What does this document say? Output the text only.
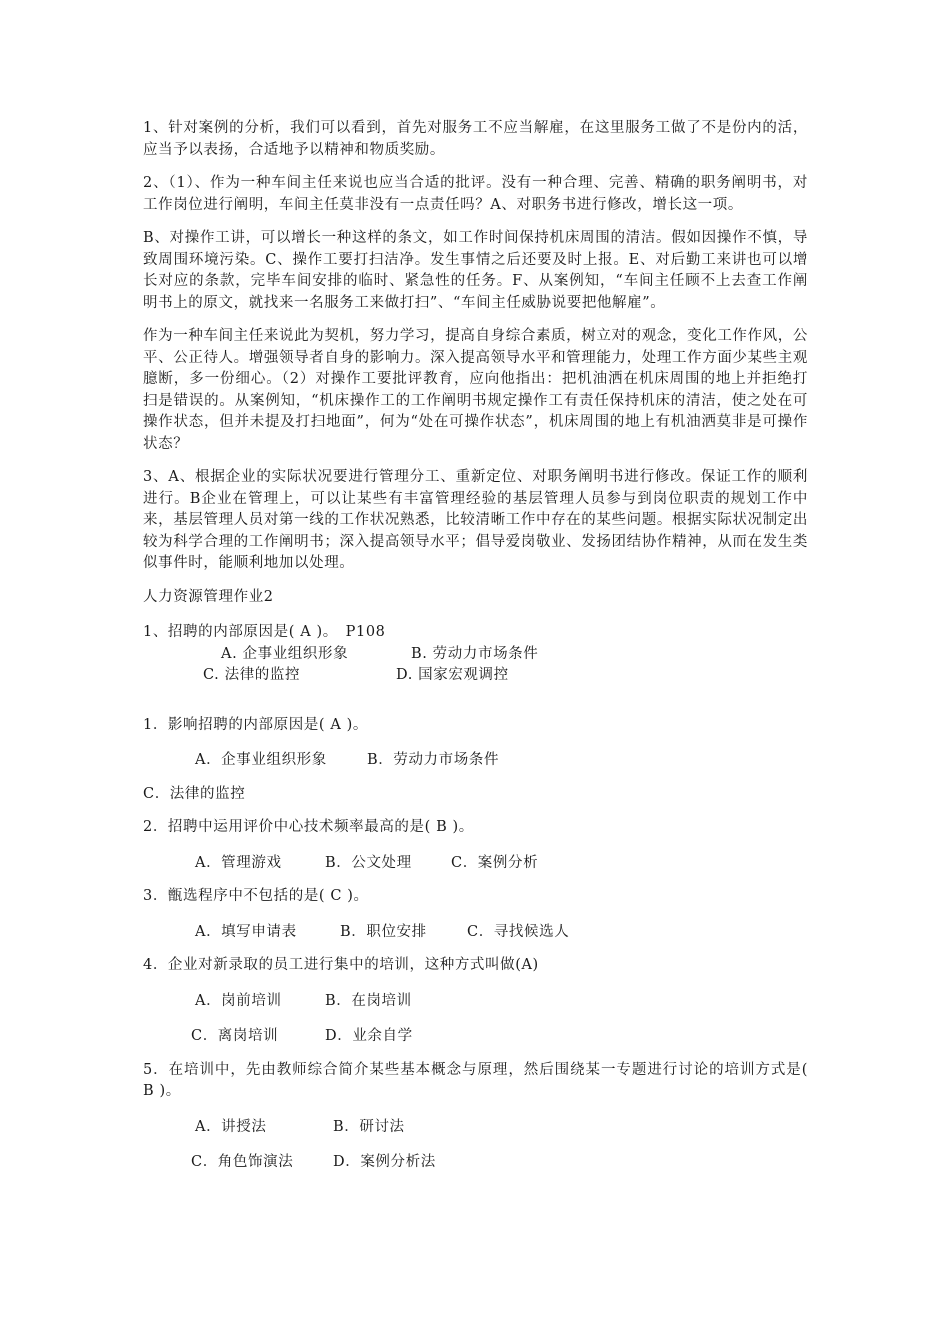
1、针对案例的分析，我们可以看到，首先对服务工不应当解雇，在这里服务工做了不是份内的活，应当予以表扬，合适地予以精神和物质奖励。

2、（1）、作为一种车间主任来说也应当合适的批评。没有一种合理、完善、精确的职务阐明书，对工作岗位进行阐明，车间主任莫非没有一点责任吗？A、对职务书进行修改，增长这一项。

B、对操作工讲，可以增长一种这样的条文，如工作时间保持机床周围的清洁。假如因操作不慎，导致周围环境污染。C、操作工要打扫洁净。发生事情之后还要及时上报。E、对后勤工来讲也可以增长对应的条款，完毕车间安排的临时、紧急性的任务。F、从案例知，“车间主任顾不上去查工作阐明书上的原文，就找来一名服务工来做打扫”、“车间主任威胁说要把他解雇”。

作为一种车间主任来说此为契机，努力学习，提高自身综合素质，树立对的观念，变化工作作风，公平、公正待人。增强领导者自身的影响力。深入提高领导水平和管理能力，处理工作方面少某些主观臆断，多一份细心。（2）对操作工要批评教育，应向他指出：把机油洒在机床周围的地上并拒绝打扫是错误的。从案例知，“机床操作工的工作阐明书规定操作工有责任保持机床的清洁，使之处在可操作状态，但并未提及打扫地面”，何为“处在可操作状态”，机床周围的地上有机油洒莫非是可操作状态？

3、A、根据企业的实际状况要进行管理分工、重新定位、对职务阐明书进行修改。保证工作的顺利进行。B企业在管理上，可以让某些有丰富管理经验的基层管理人员参与到岗位职责的规划工作中来，基层管理人员对第一线的工作状况熟悉，比较清晰工作中存在的某些问题。根据实际状况制定出较为科学合理的工作阐明书；深入提高领导水平；倡导爱岗敬业、发扬团结协作精神，从而在发生类似事件时，能顺利地加以处理。

人力资源管理作业2

1、招聘的内部原因是( A )。　P108

A. 企事业组织形象	B. 劳动力市场条件

C. 法律的监控	D. 国家宏观调控

1．影响招聘的内部原因是( A )。

A．企事业组织形象	B．劳动力市场条件

C．法律的监控

2．招聘中运用评价中心技术频率最高的是( B )。

A．管理游戏	B．公文处理	C．案例分析

3．甑选程序中不包括的是( C )。

A．填写申请表	B．职位安排	C．寻找候选人

4．企业对新录取的员工进行集中的培训，这种方式叫做(A)

A．岗前培训	B．在岗培训

C．离岗培训	D．业余自学

5．在培训中，先由教师综合简介某些基本概念与原理，然后围绕某一专题进行讨论的培训方式是( B )。

A．讲授法	B．研讨法

C．角色饰演法	D．案例分析法
